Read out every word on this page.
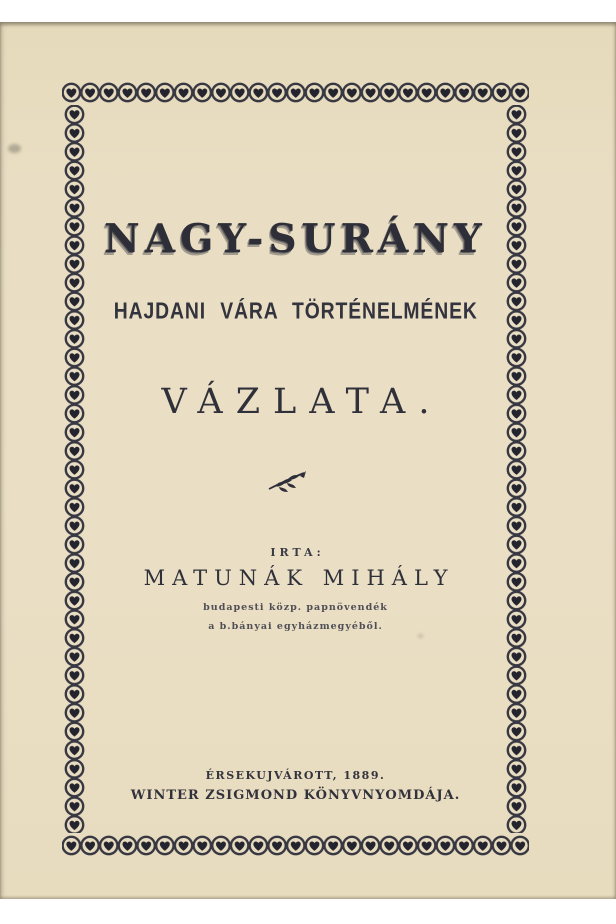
NAGY-SURÁNY
HAJDANI VÁRA TÖRTÉNELMÉNEK
VÁZLATA.
IRTA:
MATUNÁK MIHÁLY
budapesti közp. papnövendék
a b.bányai egyházmegyéből.
ÉRSEKUJVÁROTT, 1889.
WINTER ZSIGMOND KÖNYVNYOMDÁJA.
